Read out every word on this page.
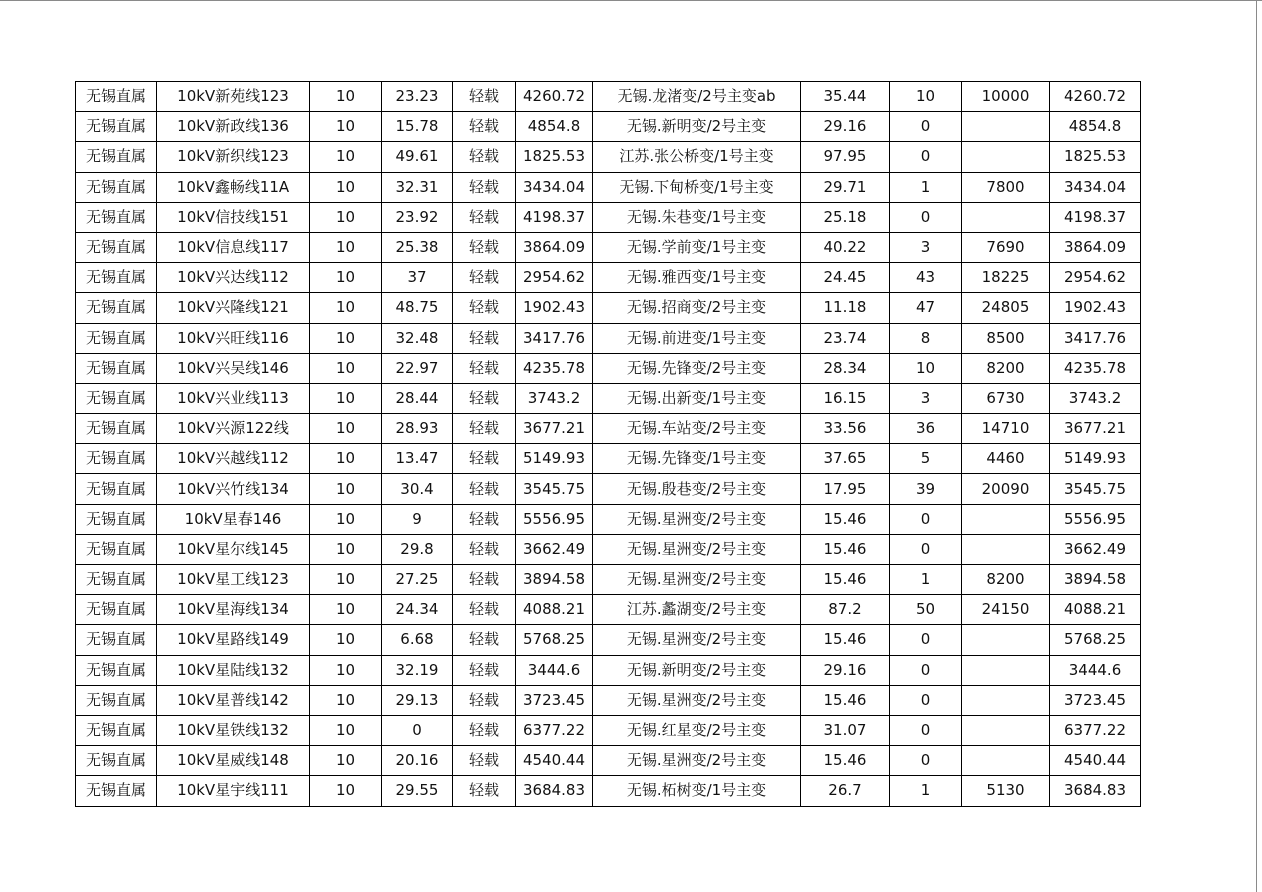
无锡直属	10kV新苑线123	10	23.23	轻载	4260.72	无锡.龙渚变/2号主变ab	35.44	10	10000	4260.72
无锡直属	10kV新政线136	10	15.78	轻载	4854.8	无锡.新明变/2号主变	29.16	0		4854.8
无锡直属	10kV新织线123	10	49.61	轻载	1825.53	江苏.张公桥变/1号主变	97.95	0		1825.53
无锡直属	10kV鑫畅线11A	10	32.31	轻载	3434.04	无锡.下甸桥变/1号主变	29.71	1	7800	3434.04
无锡直属	10kV信技线151	10	23.92	轻载	4198.37	无锡.朱巷变/1号主变	25.18	0		4198.37
无锡直属	10kV信息线117	10	25.38	轻载	3864.09	无锡.学前变/1号主变	40.22	3	7690	3864.09
无锡直属	10kV兴达线112	10	37	轻载	2954.62	无锡.雅西变/1号主变	24.45	43	18225	2954.62
无锡直属	10kV兴隆线121	10	48.75	轻载	1902.43	无锡.招商变/2号主变	11.18	47	24805	1902.43
无锡直属	10kV兴旺线116	10	32.48	轻载	3417.76	无锡.前进变/1号主变	23.74	8	8500	3417.76
无锡直属	10kV兴吴线146	10	22.97	轻载	4235.78	无锡.先锋变/2号主变	28.34	10	8200	4235.78
无锡直属	10kV兴业线113	10	28.44	轻载	3743.2	无锡.出新变/1号主变	16.15	3	6730	3743.2
无锡直属	10kV兴源122线	10	28.93	轻载	3677.21	无锡.车站变/2号主变	33.56	36	14710	3677.21
无锡直属	10kV兴越线112	10	13.47	轻载	5149.93	无锡.先锋变/1号主变	37.65	5	4460	5149.93
无锡直属	10kV兴竹线134	10	30.4	轻载	3545.75	无锡.殷巷变/2号主变	17.95	39	20090	3545.75
无锡直属	10kV星春146	10	9	轻载	5556.95	无锡.星洲变/2号主变	15.46	0		5556.95
无锡直属	10kV星尔线145	10	29.8	轻载	3662.49	无锡.星洲变/2号主变	15.46	0		3662.49
无锡直属	10kV星工线123	10	27.25	轻载	3894.58	无锡.星洲变/2号主变	15.46	1	8200	3894.58
无锡直属	10kV星海线134	10	24.34	轻载	4088.21	江苏.蠡湖变/2号主变	87.2	50	24150	4088.21
无锡直属	10kV星路线149	10	6.68	轻载	5768.25	无锡.星洲变/2号主变	15.46	0		5768.25
无锡直属	10kV星陆线132	10	32.19	轻载	3444.6	无锡.新明变/2号主变	29.16	0		3444.6
无锡直属	10kV星普线142	10	29.13	轻载	3723.45	无锡.星洲变/2号主变	15.46	0		3723.45
无锡直属	10kV星铁线132	10	0	轻载	6377.22	无锡.红星变/2号主变	31.07	0		6377.22
无锡直属	10kV星威线148	10	20.16	轻载	4540.44	无锡.星洲变/2号主变	15.46	0		4540.44
无锡直属	10kV星宇线111	10	29.55	轻载	3684.83	无锡.柘树变/1号主变	26.7	1	5130	3684.83
